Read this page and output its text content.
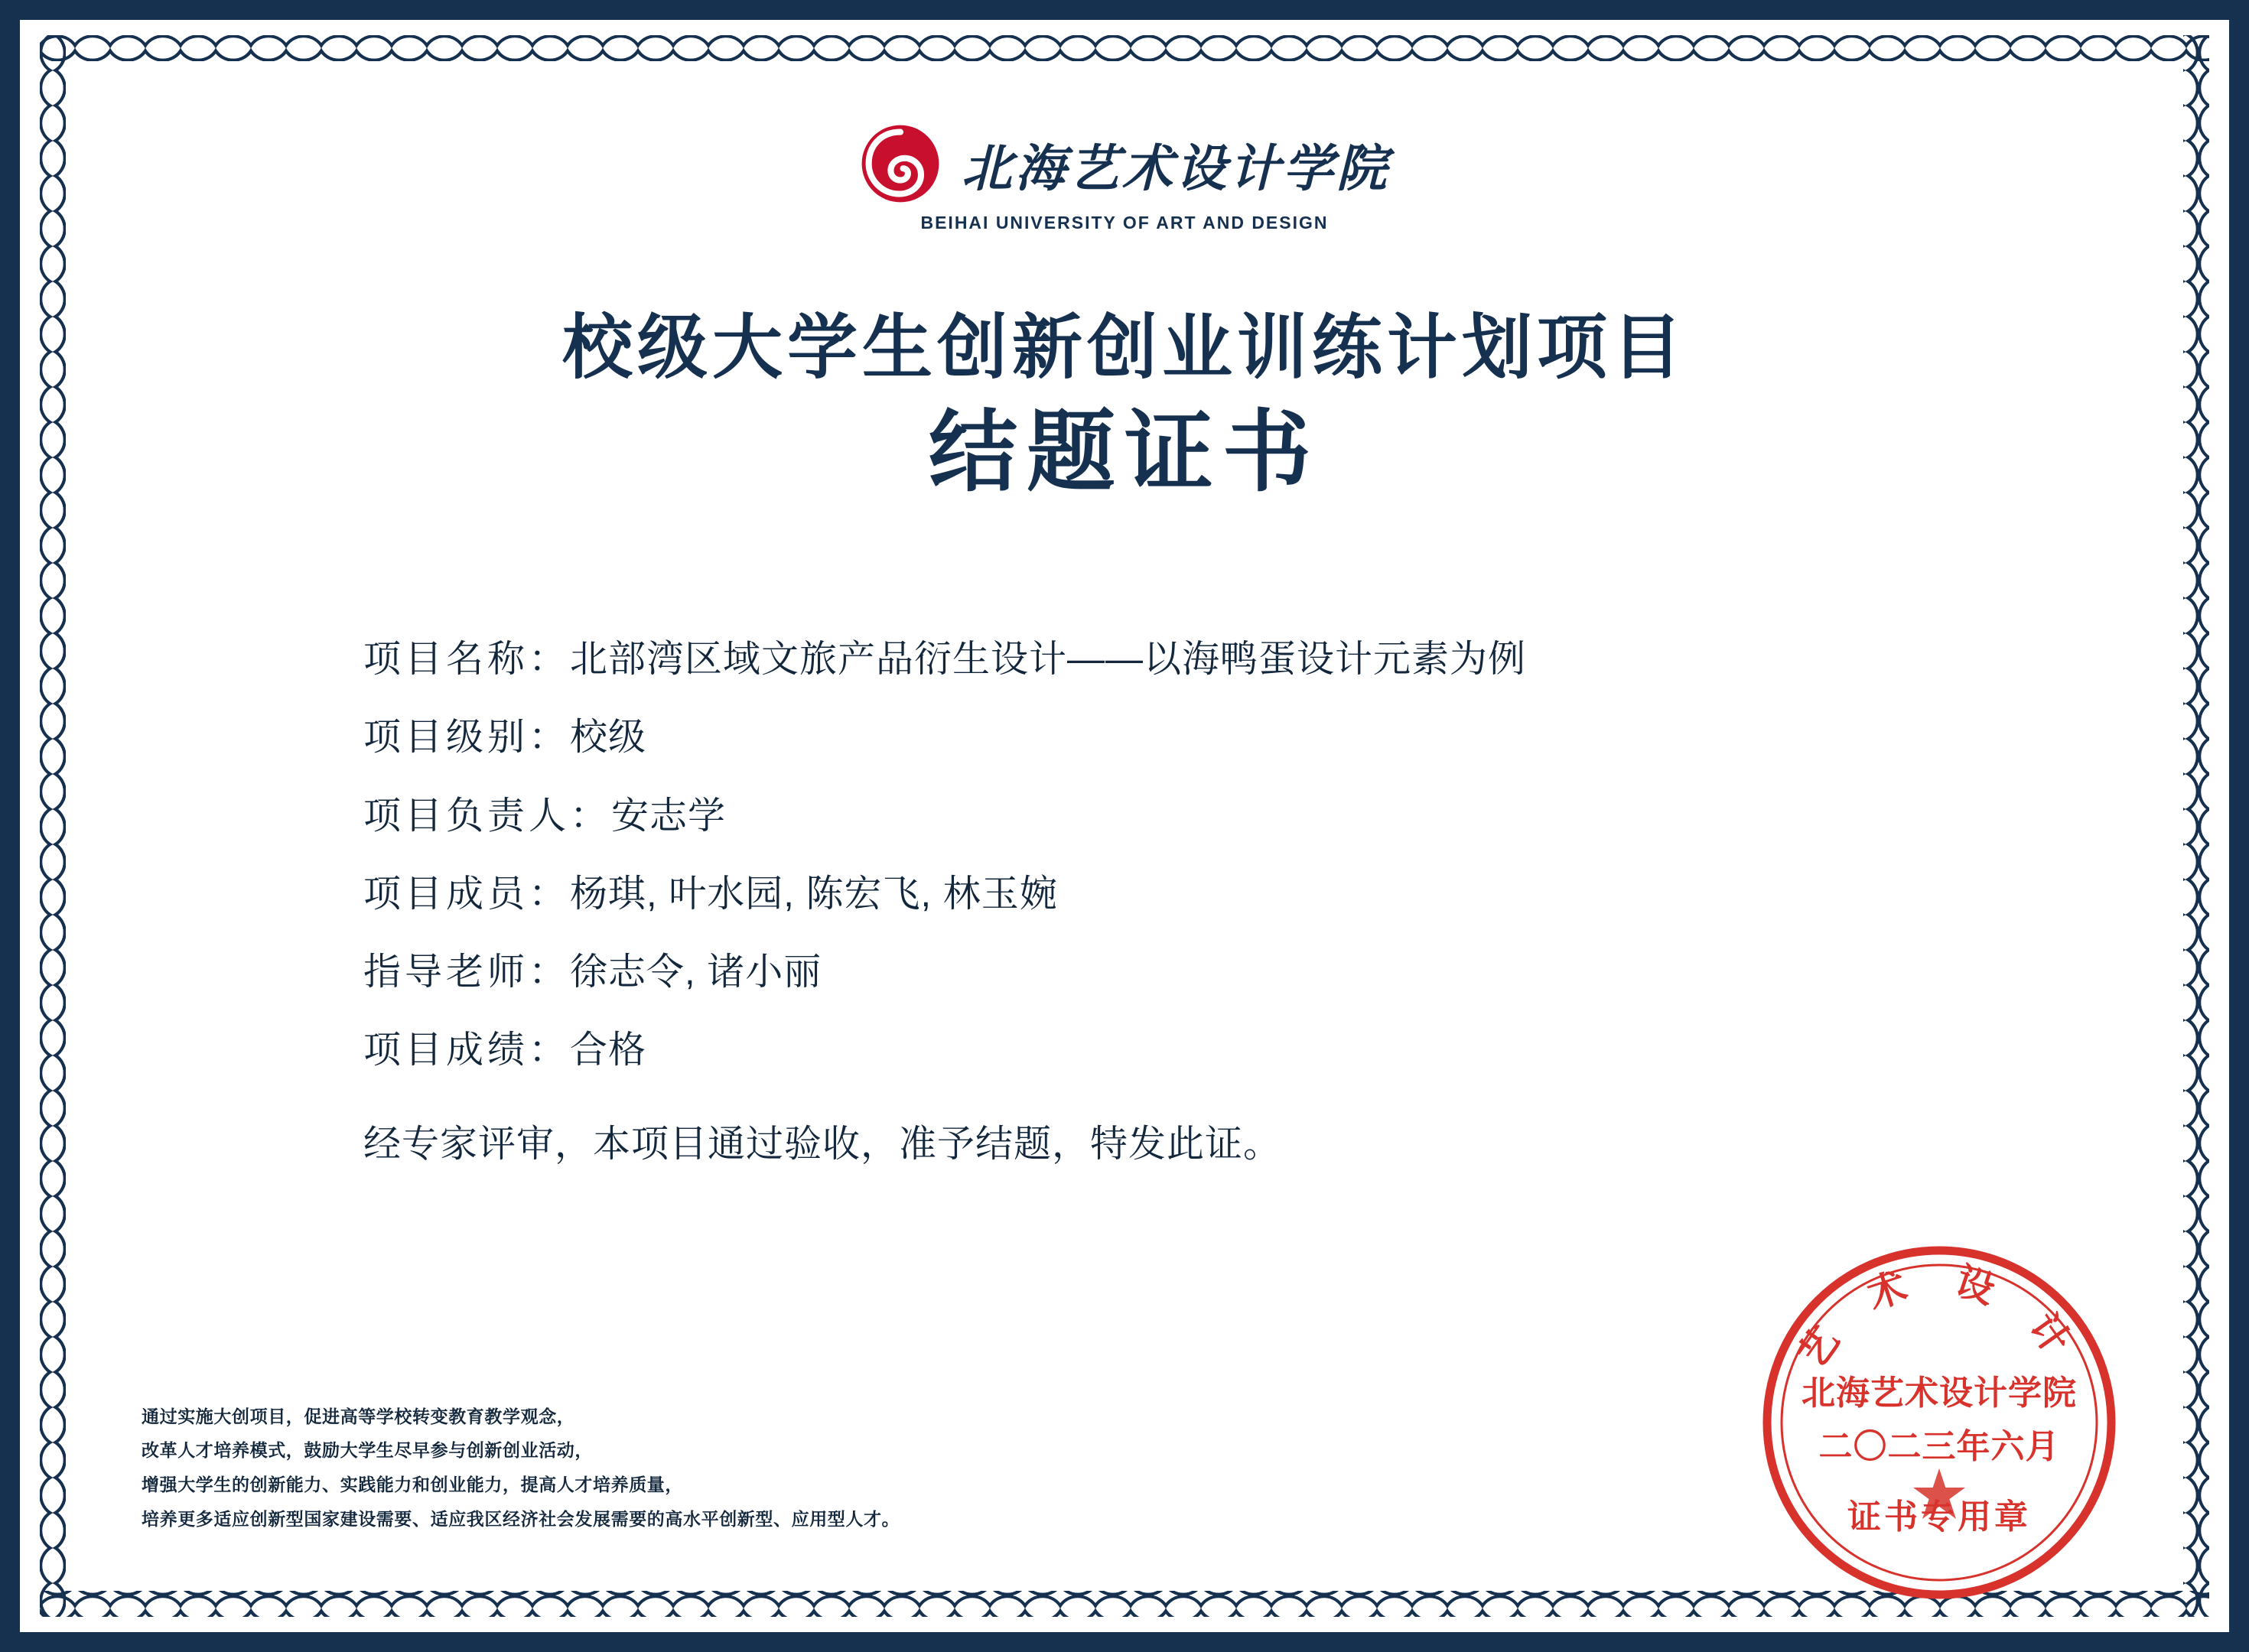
北海艺术设计学院
BEIHAI UNIVERSITY OF ART AND DESIGN
校级大学生创新创业训练计划项目
结题证书
项目名称： 北部湾区域文旅产品衍生设计——以海鸭蛋设计元素为例
项目级别： 校级
项目负责人： 安志学
项目成员： 杨琪, 叶水园, 陈宏飞, 林玉婉
指导老师： 徐志令, 诸小丽
项目成绩： 合格
经专家评审，本项目通过验收，准予结题，特发此证。
通过实施大创项目，促进高等学校转变教育教学观念，
改革人才培养模式，鼓励大学生尽早参与创新创业活动，
增强大学生的创新能力、实践能力和创业能力，提高人才培养质量，
培养更多适应创新型国家建设需要、适应我区经济社会发展需要的高水平创新型、应用型人才。
艺 术 设 计
北海艺术设计学院
二〇二三年六月
证书专用章
